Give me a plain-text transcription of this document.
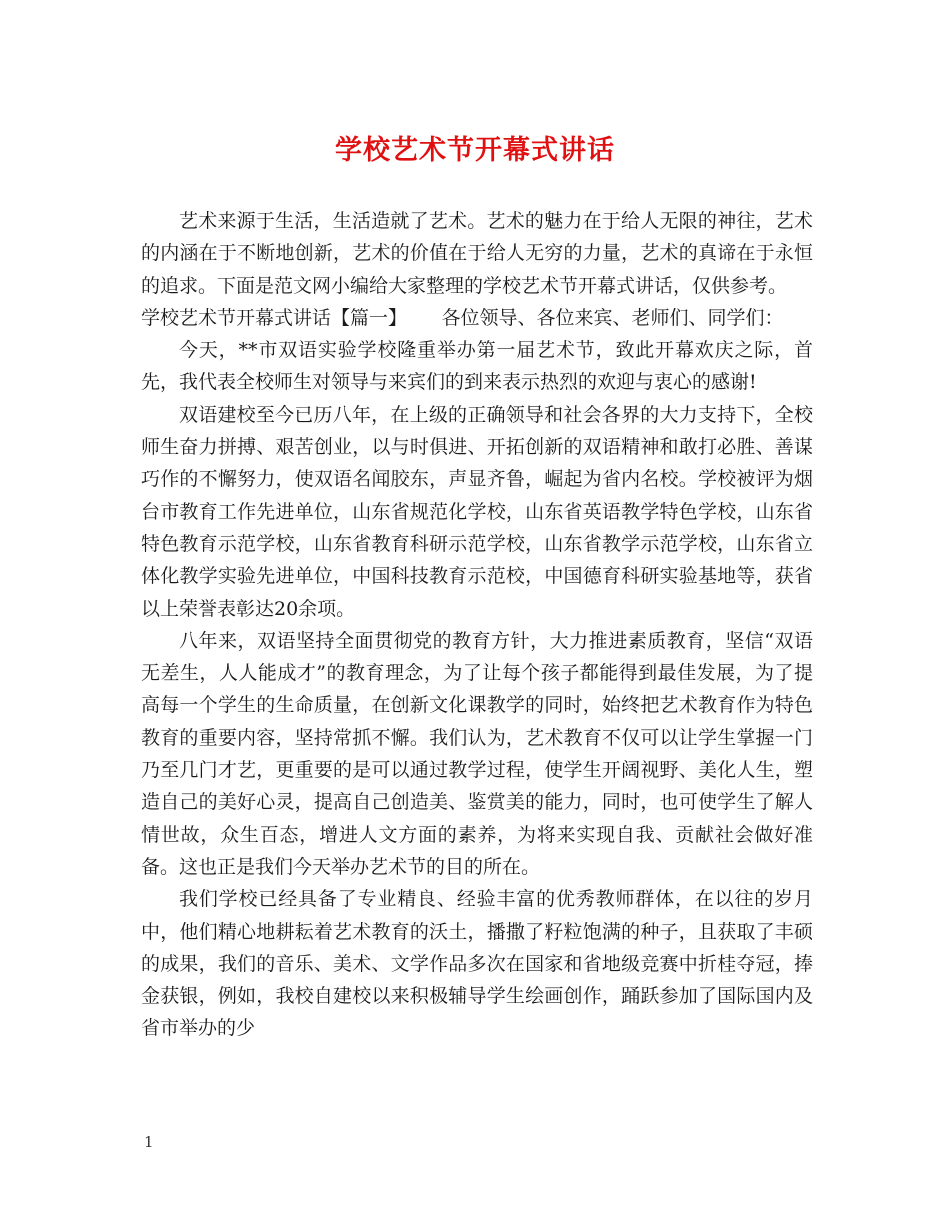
学校艺术节开幕式讲话

艺术来源于生活，生活造就了艺术。艺术的魅力在于给人无限的神往，艺术的内涵在于不断地创新，艺术的价值在于给人无穷的力量，艺术的真谛在于永恒的追求。下面是范文网小编给大家整理的学校艺术节开幕式讲话，仅供参考。

学校艺术节开幕式讲话【篇一】　　 各位领导、各位来宾、老师们、同学们：

今天，**市双语实验学校隆重举办第一届艺术节，致此开幕欢庆之际，首先，我代表全校师生对领导与来宾们的到来表示热烈的欢迎与衷心的感谢!

双语建校至今已历八年，在上级的正确领导和社会各界的大力支持下，全校师生奋力拼搏、艰苦创业，以与时俱进、开拓创新的双语精神和敢打必胜、善谋巧作的不懈努力，使双语名闻胶东，声显齐鲁，崛起为省内名校。学校被评为烟台市教育工作先进单位，山东省规范化学校，山东省英语教学特色学校，山东省特色教育示范学校，山东省教育科研示范学校，山东省教学示范学校，山东省立体化教学实验先进单位，中国科技教育示范校，中国德育科研实验基地等，获省以上荣誉表彰达20余项。

八年来，双语坚持全面贯彻党的教育方针，大力推进素质教育，坚信“双语无差生，人人能成才”的教育理念，为了让每个孩子都能得到最佳发展，为了提高每一个学生的生命质量，在创新文化课教学的同时，始终把艺术教育作为特色教育的重要内容，坚持常抓不懈。我们认为，艺术教育不仅可以让学生掌握一门乃至几门才艺，更重要的是可以通过教学过程，使学生开阔视野、美化人生，塑造自己的美好心灵，提高自己创造美、鉴赏美的能力，同时，也可使学生了解人情世故，众生百态，增进人文方面的素养，为将来实现自我、贡献社会做好准备。这也正是我们今天举办艺术节的目的所在。

我们学校已经具备了专业精良、经验丰富的优秀教师群体，在以往的岁月中，他们精心地耕耘着艺术教育的沃土，播撒了籽粒饱满的种子，且获取了丰硕的成果，我们的音乐、美术、文学作品多次在国家和省地级竞赛中折桂夺冠，捧金获银，例如，我校自建校以来积极辅导学生绘画创作，踊跃参加了国际国内及省市举办的少

1
